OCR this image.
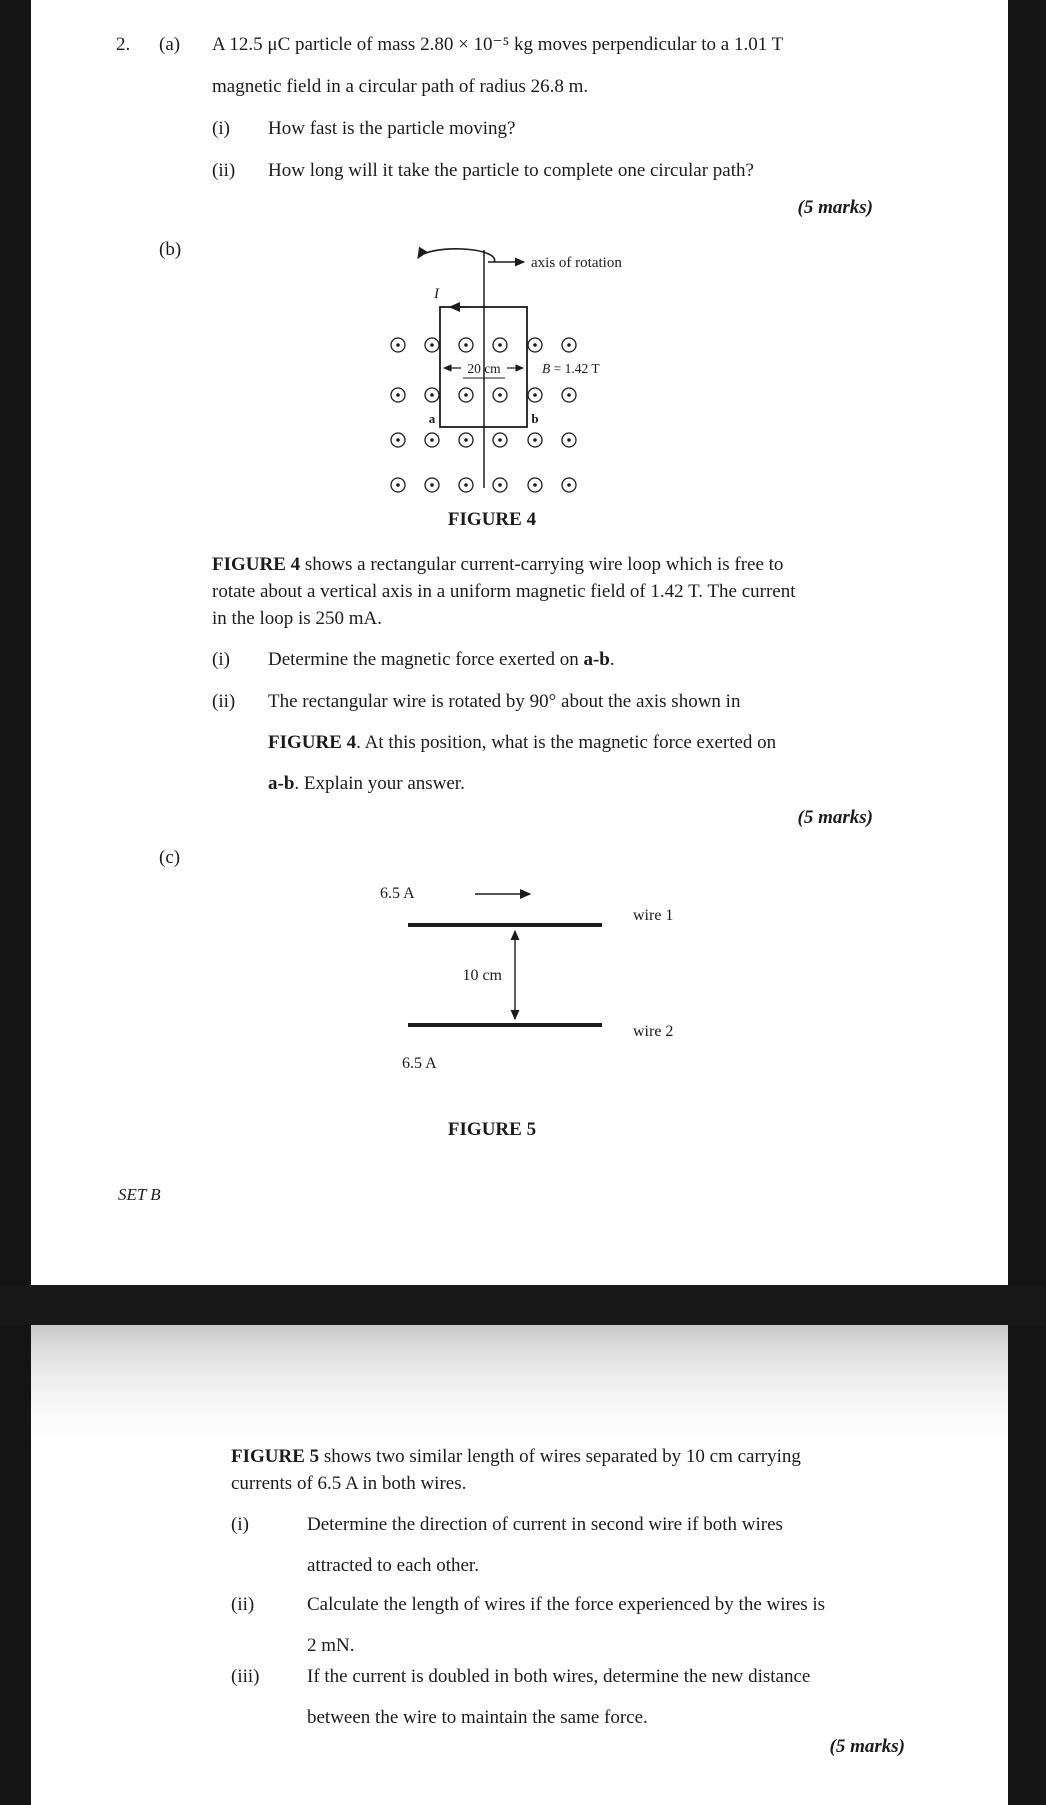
2. (a) A 12.5 μC particle of mass 2.80 × 10⁻⁵ kg moves perpendicular to a 1.01 T
magnetic field in a circular path of radius 26.8 m.
(i) How fast is the particle moving?
(ii) How long will it take the particle to complete one circular path?
(5 marks)
(b)
axis of rotation
I
20 cm	B = 1.42 T
a	b
FIGURE 4
FIGURE 4 shows a rectangular current-carrying wire loop which is free to
rotate about a vertical axis in a uniform magnetic field of 1.42 T. The current
in the loop is 250 mA.
(i) Determine the magnetic force exerted on a-b.
(ii) The rectangular wire is rotated by 90° about the axis shown in
FIGURE 4. At this position, what is the magnetic force exerted on
a-b. Explain your answer.
(5 marks)
(c)
6.5 A
wire 1
10 cm
wire 2
6.5 A
FIGURE 5
SET B
FIGURE 5 shows two similar length of wires separated by 10 cm carrying
currents of 6.5 A in both wires.
(i)	Determine the direction of current in second wire if both wires
attracted to each other.
(ii)	Calculate the length of wires if the force experienced by the wires is
2 mN.
(iii)	If the current is doubled in both wires, determine the new distance
between the wire to maintain the same force.
(5 marks)
